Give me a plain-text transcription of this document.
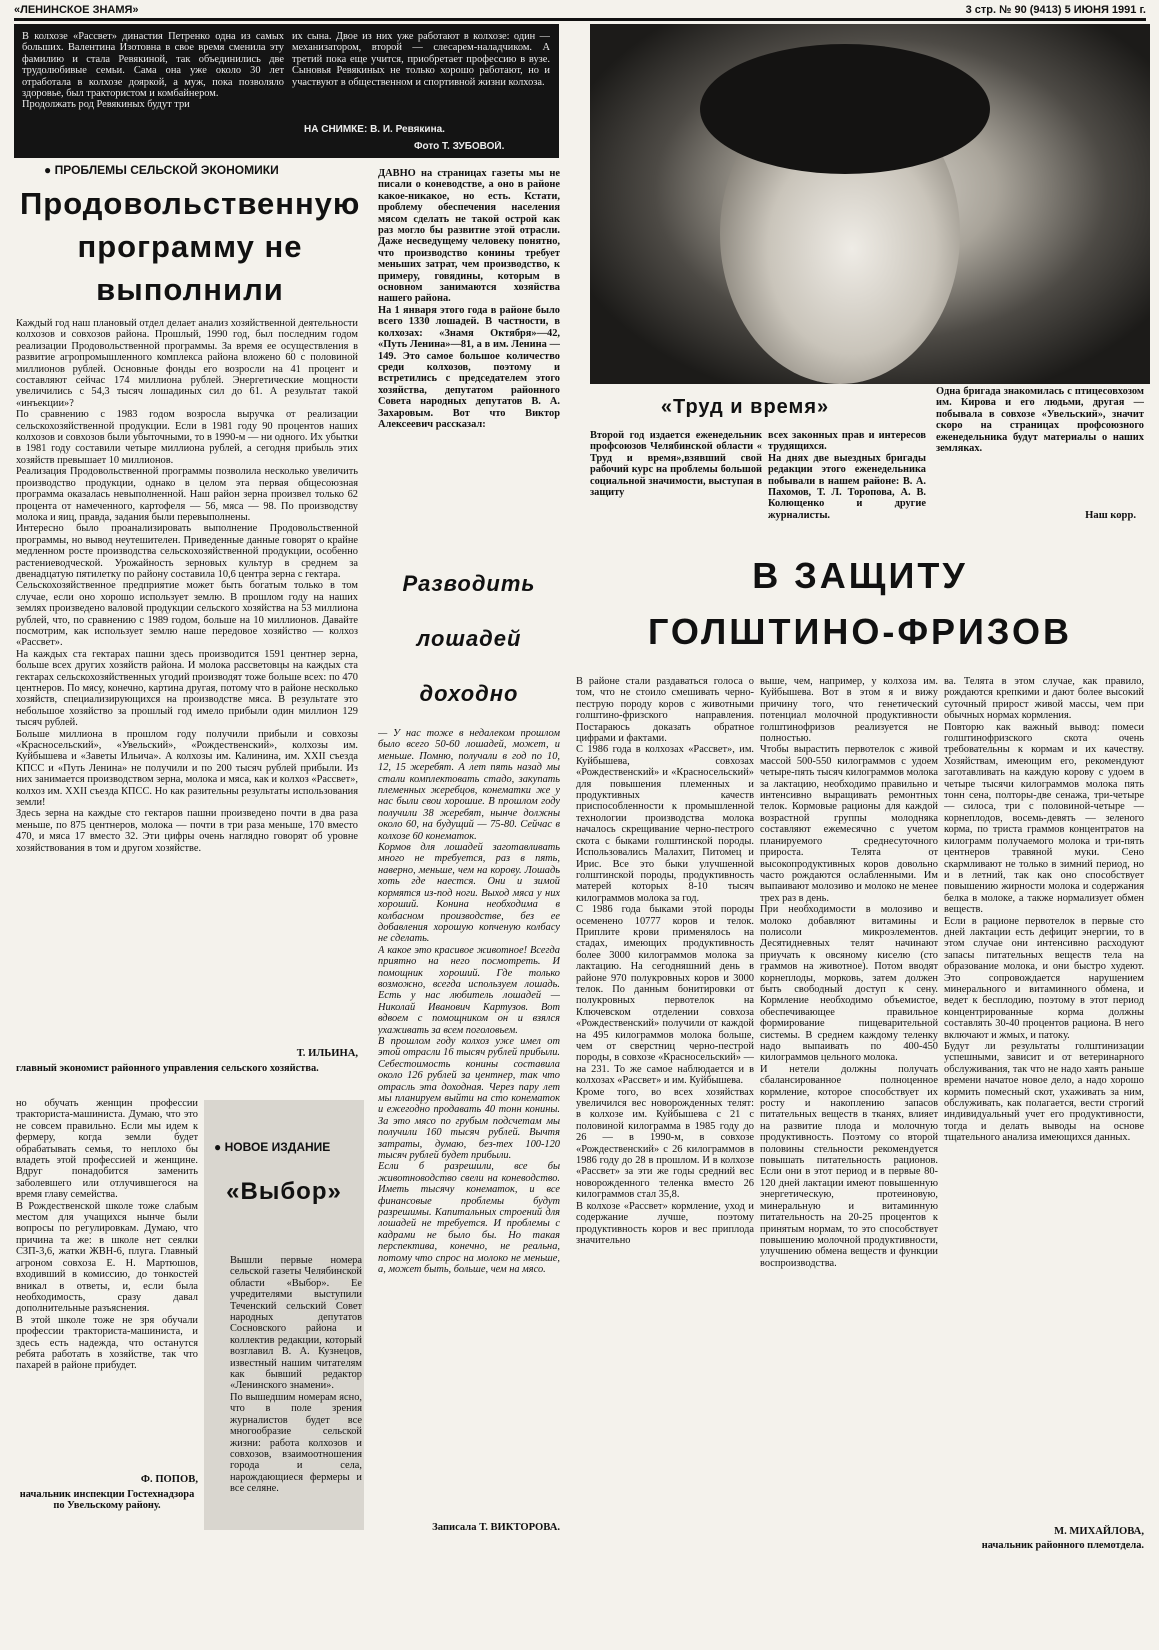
«ЛЕНИНСКОЕ ЗНАМЯ»	3 стр. № 90 (9413) 5 ИЮНЯ 1991 г.

В колхозе «Рассвет» династия Петренко одна из самых больших. Валентина Изотовна в свое время сменила эту фамилию и стала Ревякиной, так объединились две трудолюбивые семьи. Сама она уже около 30 лет отработала в колхозе дояркой, а муж, пока позволяло здоровье, был трактористом и комбайнером.
Продолжать род Ревякиных будут три

их сына. Двое из них уже работают в колхозе: один — механизатором, второй — слесарем-наладчиком. А третий пока еще учится, приобретает профессию в вузе. Сыновья Ревякиных не только хорошо работают, но и участвуют в общественном и спортивной жизни колхоза.

НА СНИМКЕ: В. И. Ревякина.

Фото Т. ЗУБОВОЙ.

● ПРОБЛЕМЫ СЕЛЬСКОЙ ЭКОНОМИКИ
Продовольственную
программу не
выполнили

Каждый год наш плановый отдел делает анализ хозяйственной деятельности колхозов и совхозов района. Прошлый, 1990 год, был последним годом реализации Продовольственной программы. За время ее осуществления в развитие агропромышленного комплекса района вложено 60 с половиной миллионов рублей. Основные фонды его возросли на 41 процент и составляют сейчас 174 миллиона рублей. Энергетические мощности увеличились с 54,3 тысяч лошадиных сил до 61. А результат такой «инъекции»?
По сравнению с 1983 годом возросла выручка от реализации сельскохозяйственной продукции. Если в 1981 году 90 процентов наших колхозов и совхозов были убыточными, то в 1990-м — ни одного. Их убытки в 1981 году составили четыре миллиона рублей, а сегодня прибыль этих хозяйств превышает 10 миллионов.
Реализация Продовольственной программы позволила несколько увеличить производство продукции, однако в целом эта первая общесоюзная программа оказалась невыполненной. Наш район зерна произвел только 62 процента от намеченного, картофеля — 56, мяса — 98. По производству молока и яиц, правда, задания были перевыполнены.
Интересно было проанализировать выполнение Продовольственной программы, но вывод неутешителен. Приведенные данные говорят о крайне медленном росте производства сельскохозяйственной продукции, особенно растениеводческой. Урожайность зерновых культур в среднем за двенадцатую пятилетку по району составила 10,6 центра зерна с гектара.
Сельскохозяйственное предприятие может быть богатым только в том случае, если оно хорошо использует землю. В прошлом году на наших землях произведено валовой продукции сельского хозяйства на 53 миллиона рублей, что, по сравнению с 1989 годом, больше на 10 миллионов. Давайте посмотрим, как использует землю наше передовое хозяйство — колхоз «Рассвет».
На каждых ста гектарах пашни здесь производится 1591 центнер зерна, больше всех других хозяйств района. И молока рассветовцы на каждых ста гектарах сельскохозяйственных угодий производят тоже больше всех: по 470 центнеров. По мясу, конечно, картина другая, потому что в районе несколько хозяйств, специализирующихся на производстве мяса. В результате это небольшое хозяйство за прошлый год имело прибыли один миллион 129 тысяч рублей.
Больше миллиона в прошлом году получили прибыли и совхозы «Красносельский», «Увельский», «Рождественский», колхозы им. Куйбышева и «Заветы Ильича». А колхозы им. Калинина, им. XXII съезда КПСС и «Путь Ленина» не получили и по 200 тысяч рублей прибыли. Из них занимается производством зерна, молока и мяса, как и колхоз «Рассвет», колхоз им. XXII съезда КПСС. Но как разительны результаты использования земли!
Здесь зерна на каждые сто гектаров пашни произведено почти в два раза меньше, по 875 центнеров, молока — почти в три раза меньше, 170 вместо 470, и мяса 17 вместо 32. Эти цифры очень наглядно говорят об уровне хозяйствования в том и другом хозяйстве.

Т. ИЛЬИНА,

главный экономист районного управления сельского хозяйства.

но обучать женщин профессии трактористa-машиниста. Думаю, что это не совсем правильно. Если мы идем к фермеру, когда земли будет обрабатывать семья, то неплохо бы владеть этой профессией и женщине. Вдруг понадобится заменить заболевшего или отлучившегося на время главу семейства.
В Рождественской школе тоже слабым местом для учащихся нынче были вопросы по регулировкам. Думаю, что причина та же: в школе нет сеялки СЗП-3,6, жатки ЖВН-6, плуга. Главный агроном совхоза Е. Н. Мартюшов, входивший в комиссию, до тонкостей вникал в ответы, и, если была необходимость, сразу давал дополнительные разъяснения.
В этой школе тоже не зря обучали профессии трактористa-машиниста, и здесь есть надежда, что останутся ребята работать в хозяйстве, так что пахарей в районе прибудет.

Ф. ПОПОВ,

начальник инспекции Гостехнадзора по Увельскому району.

● НОВОЕ ИЗДАНИЕ
«Выбор»

Вышли первые номера сельской газеты Челябинской области «Выбор». Ее учредителями выступили Теченский сельский Совет народных депутатов Сосновского района и коллектив редакции, который возглавил В. А. Кузнецов, известный нашим читателям как бывший редактор «Ленинского знамени».
По вышедшим номерам ясно, что в поле зрения журналистов будет все многообразие сельской жизни: работа колхозов и совхозов, взаимоотношения города и села, нарождающиеся фермеры и все селяне.

ДАВНО на страницах газеты мы не писали о коневодстве, а оно в районе какое-никакое, но есть. Кстати, проблему обеспечения населения мясом сделать не такой острой как раз могло бы развитие этой отрасли. Даже несведущему человеку понятно, что производство конины требует меньших затрат, чем производство, к примеру, говядины, которым в основном занимаются хозяйства нашего района.
На 1 января этого года в районе было всего 1330 лошадей. В частности, в колхозах: «Знамя Октября»—42, «Путь Ленина»—81, а в им. Ленина — 149. Это самое большое количество среди колхозов, поэтому и встретились с председателем этого хозяйства, депутатом районного Совета народных депутатов В. А. Захаровым. Вот что Виктор Алексеевич рассказал:

Разводить
лошадей
доходно

— У нас тоже в недалеком прошлом было всего 50-60 лошадей, может, и меньше. Помню, получали в год по 10, 12, 15 жеребят. А лет пять назад мы стали комплектовать стадо, закупать племенных жеребцов, конематки же у нас были свои хорошие. В прошлом году получили 38 жеребят, нынче должны около 60, на будущий — 75-80. Сейчас в колхозе 60 конематок.
Кормов для лошадей заготавливать много не требуется, раз в пять, наверно, меньше, чем на корову. Лошадь хоть где наестся. Они и зимой кормятся из-под ноги. Выход мяса у них хороший. Конина необходима в колбасном производстве, без ее добавления хорошую копченую колбасу не сделать.
А какое это красивое животное! Всегда приятно на него посмотреть. И помощник хороший. Где только возможно, всегда используем лошадь. Есть у нас любитель лошадей — Николай Иванович Картузов. Вот вдвоем с помощником он и взялся ухаживать за всем поголовьем.
В прошлом году колхоз уже имел от этой отрасли 16 тысяч рублей прибыли. Себестоимость конины составила около 126 рублей за центнер, так что отрасль эта доходная. Через пару лет мы планируем выйти на сто конематок и ежегодно продавать 40 тонн конины. За это мясо по грубым подсчетам мы получили 160 тысяч рублей. Вычтя затраты, думаю, без-тех 100-120 тысяч рублей будет прибыли.
Если б разрешили, все бы животноводство свели на коневодство. Иметь тысячу конематок, и все финансовые проблемы будут разрешимы. Капитальных строений для лошадей не требуется. И проблемы с кадрами не было бы. Но такая перспектива, конечно, не реальна, потому что спрос на молоко не меньше, а, может быть, больше, чем на мясо.

Записала Т. ВИКТОРОВА.
«Труд и время»

Второй год издается еженедельник профсоюзов Челябинской области « Труд и время»,взявший свой рабочий курс на проблемы большой социальной значимости, выступая в защиту

всех законных прав и интересов трудящихся.
На днях две выездных бригады редакции этого еженедельника побывали в нашем районе: В. А. Пахомов, Т. Л. Торопова, А. В. Колющенко и другие журналисты.

Одна бригада знакомилась с птицесовхозом им. Кирова и его людьми, другая — побывала в совхозе «Увельский», значит скоро на страницах профсоюзного еженедельника будут материалы о наших земляках.

Наш корр.
В ЗАЩИТУ
ГОЛШТИНО-ФРИЗОВ

В районе стали раздаваться голоса о том, что не стоило смешивать черно-пеструю породу коров с животными голштино-фризского направления. Постараюсь доказать обратное цифрами и фактами.
С 1986 года в колхозах «Рассвет», им. Куйбышева, совхозах «Рождественский» и «Красносельский» для повышения племенных и продуктивных качеств приспособленности к промышленной технологии производства молока началось скрещивание черно-пестрого скота с быками голштинской породы. Использовались Малахит, Питомец и Ирис. Все это быки улучшенной голштинской породы, продуктивность матерей которых 8-10 тысяч килограммов молока за год.
С 1986 года быками этой породы осеменено 10777 коров и телок. Приплите крови применялось на стадах, имеющих продуктивность более 3000 килограммов молока за лактацию. На сегодняшний день в районе 970 полукровных коров и 3000 телок. По данным бонитировки от полукровных первотелок на Ключевском отделении совхоза «Рождественский» получили от каждой на 495 килограммов молока больше, чем от сверстниц черно-пестрой породы, в совхозе «Красносельский» — на 231. То же самое наблюдается и в колхозах «Рассвет» и им. Куйбышева.
Кроме того, во всех хозяйствах увеличился вес новорожденных телят: в колхозе им. Куйбышева с 21 с половиной килограмма в 1985 году до 26 — в 1990-м, в совхозе «Рождественский» с 26 килограммов в 1986 году до 28 в прошлом. И в колхозе «Рассвет» за эти же годы средний вес новорожденного теленка вместо 26 килограммов стал 35,8.
В колхозе «Рассвет» кормление, уход и содержание лучше, поэтому продуктивность коров и вес приплода значительно

выше, чем, например, у колхоза им. Куйбышева. Вот в этом я и вижу причину того, что генетический потенциал молочной продуктивности голштинофризов реализуется не полностью.
Чтобы вырастить первотелок с живой массой 500-550 килограммов с удоем четыре-пять тысяч килограммов молока за лактацию, необходимо правильно и интенсивно выращивать ремонтных телок. Кормовые рационы для каждой возрастной группы молодняка составляют ежемесячно с учетом планируемого среднесуточного прироста. Телята от высокопродуктивных коров довольно часто рождаются ослабленными. Им выпаивают молозиво и молоко не менее трех раз в день.
При необходимости в молозиво и молоко добавляют витамины и полисоли микроэлементов. Десятидневных телят начинают приучать к овсяному киселю (сто граммов на животное). Потом вводят корнеплоды, морковь, затем должен быть свободный доступ к сену. Кормление необходимо объемистое, обеспечивающее правильное формирование пищеварительной системы. В среднем каждому теленку надо выпаивать по 400-450 килограммов цельного молока.
И нетели должны получать сбалансированное полноценное кормление, которое способствует их росту и накоплению запасов питательных веществ в тканях, влияет на развитие плода и молочную продуктивность. Поэтому со второй половины стельности рекомендуется повышать питательность рационов. Если они в этот период и в первые 80-120 дней лактации имеют повышенную энергетическую, протеиновую, минеральную и витаминную питательность на 20-25 процентов к принятым нормам, то это способствует повышению молочной продуктивности, улучшению обмена веществ и функции воспроизводства.

ва. Телята в этом случае, как правило, рождаются крепкими и дают более высокий суточный прирост живой массы, чем при обычных нормах кормления.
Повторю как важный вывод: помеси голштинофризского скота очень требовательны к кормам и их качеству. Хозяйствам, имеющим его, рекомендуют заготавливать на каждую корову с удоем в четыре тысячи килограммов молока пять тонн сена, полторы-две сенажа, три-четыре — силоса, три с половиной-четыре — корнеплодов, восемь-девять — зеленого корма, по триста граммов концентратов на килограмм получаемого молока и три-пять центнеров травяной муки. Сено скармливают не только в зимний период, но и в летний, так как оно способствует повышению жирности молока и содержания белка в молоке, а также нормализует обмен веществ.
Если в рационе первотелок в первые сто дней лактации есть дефицит энергии, то в этом случае они интенсивно расходуют запасы питательных веществ тела на образование молока, и они быстро худеют. Это сопровождается нарушением минерального и витаминного обмена, и ведет к бесплодию, поэтому в этот период концентрированные корма должны составлять 30-40 процентов рациона. В него включают и жмых, и патоку.
Будут ли результаты голштинизации успешными, зависит и от ветеринарного обслуживания, так что не надо хаять раньше времени начатое новое дело, а надо хорошо кормить помесный скот, ухаживать за ним, обслуживать, как полагается, вести строгий индивидуальный учет его продуктивности, тогда и делать выводы на основе тщательного анализа имеющихся данных.

М. МИХАЙЛОВА,

начальник районного племотдела.
